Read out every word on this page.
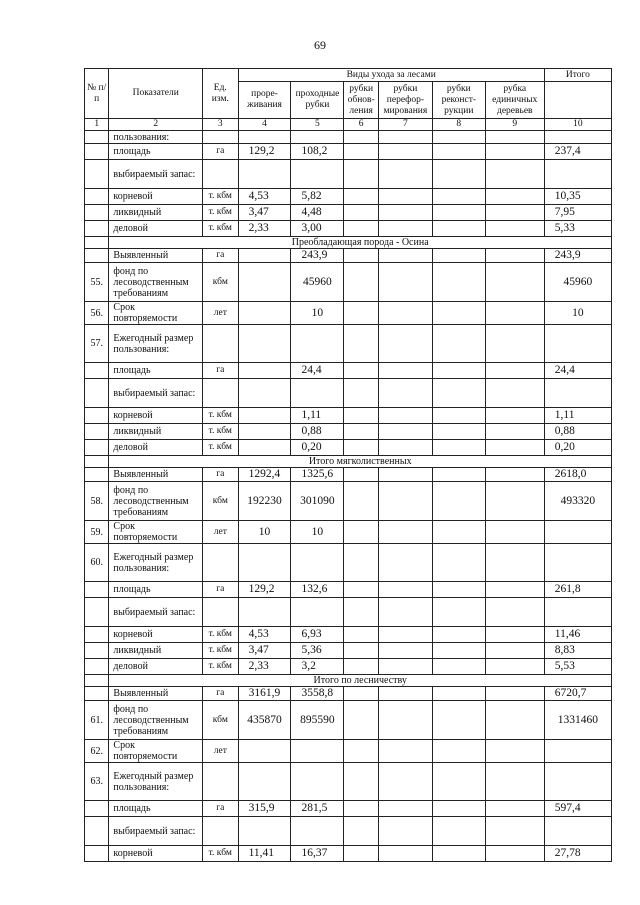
69
№ п/п	Показатели	Ед. изм.	Виды ухода за лесами						Итого
			проре- живания	проходные рубки	рубки обнов- ления	рубки перефор- мирования	рубки реконст- рукции	рубка единичных деревьев	
1	2	3	4	5	6	7	8	9	10
	пользования:								
	площадь	га	129,2	108,2					237,4
	выбираемый запас:								
	корневой	т. кбм	4,53	5,82					10,35
	ликвидный	т. кбм	3,47	4,48					7,95
	деловой	т. кбм	2,33	3,00					5,33
	Преобладающая порода - Осина								
	Выявленный	га		243,9					243,9
55.	фонд по лесоводственным требованиям	кбм		45960					45960
56.	Срок повторяемости	лет		10					10
57.	Ежегодный размер пользования:								
	площадь	га		24,4					24,4
	выбираемый запас:								
	корневой	т. кбм		1,11					1,11
	ликвидный	т. кбм		0,88					0,88
	деловой	т. кбм		0,20					0,20
	Итого мягколиственных								
	Выявленный	га	1292,4	1325,6					2618,0
58.	фонд по лесоводственным требованиям	кбм	192230	301090					493320
59.	Срок повторяемости	лет	10	10					
60.	Ежегодный размер пользования:								
	площадь	га	129,2	132,6					261,8
	выбираемый запас:								
	корневой	т. кбм	4,53	6,93					11,46
	ликвидный	т. кбм	3,47	5,36					8,83
	деловой	т. кбм	2,33	3,2					5,53
	Итого по лесничеству								
	Выявленный	га	3161,9	3558,8					6720,7
61.	фонд по лесоводственным требованиям	кбм	435870	895590					1331460
62.	Срок повторяемости	лет							
63.	Ежегодный размер пользования:								
	площадь	га	315,9	281,5					597,4
	выбираемый запас:								
	корневой	т. кбм	11,41	16,37					27,78
